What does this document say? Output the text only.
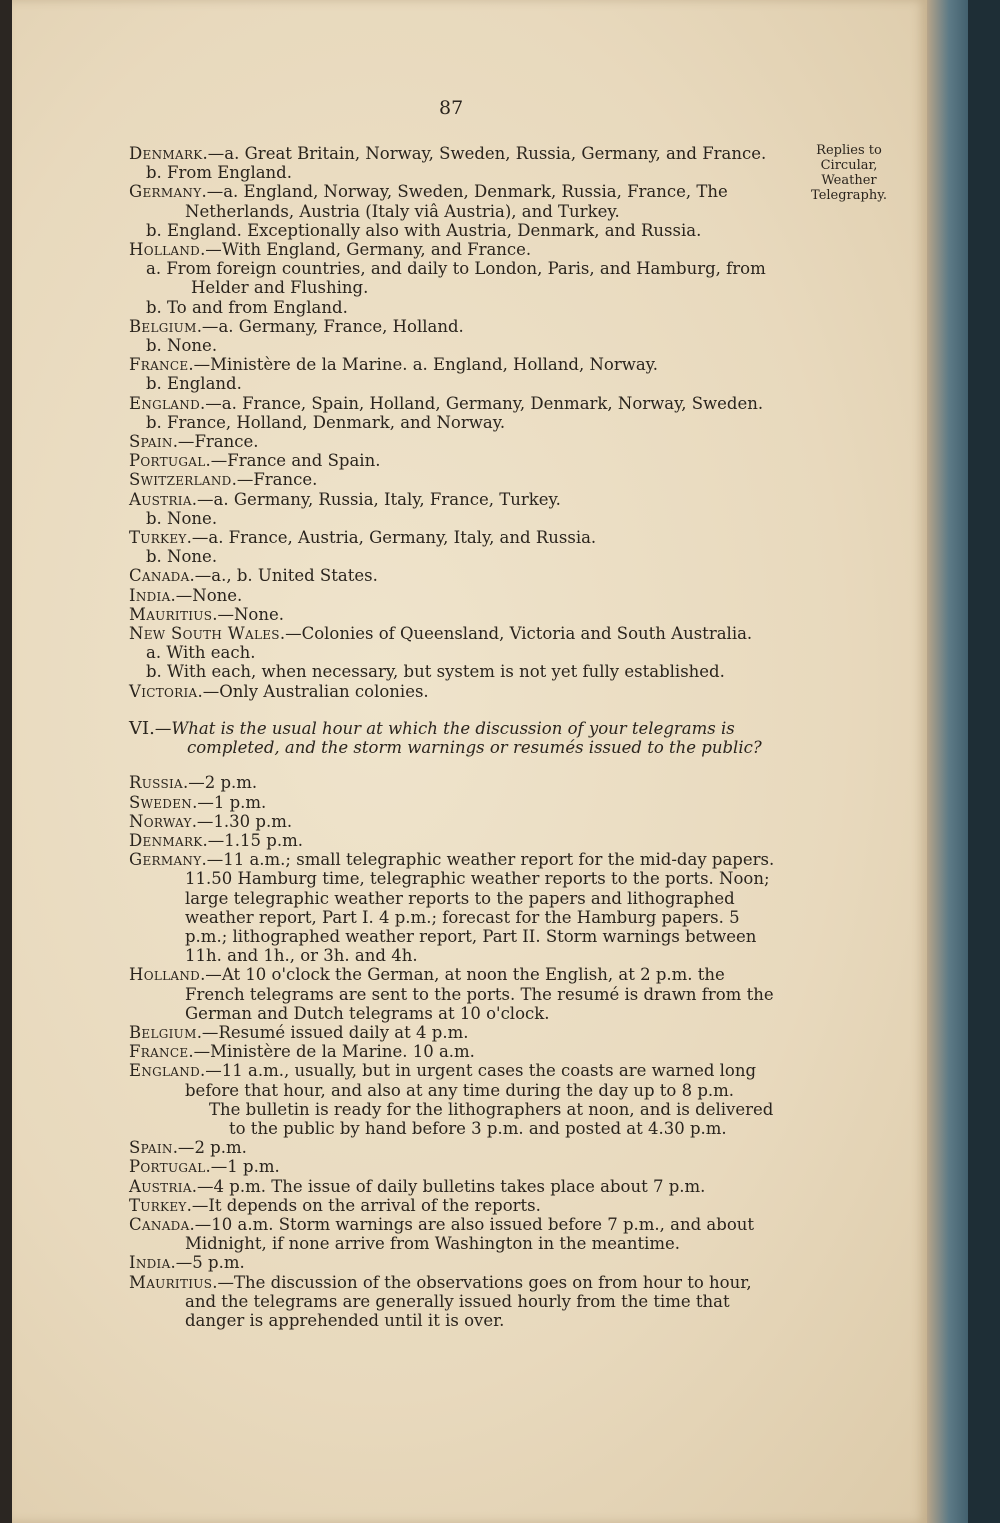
87
Replies to Circular, Weather Telegraphy.

Denmark.—a. Great Britain, Norway, Sweden, Russia, Germany, and France.

b. From England.

Germany.—a. England, Norway, Sweden, Denmark, Russia, France, The Netherlands, Austria (Italy viâ Austria), and Turkey.

b. England. Exceptionally also with Austria, Denmark, and Russia.

Holland.—With England, Germany, and France.

a. From foreign countries, and daily to London, Paris, and Hamburg, from Helder and Flushing.

b. To and from England.

Belgium.—a. Germany, France, Holland.

b. None.

France.—Ministère de la Marine. a. England, Holland, Norway.

b. England.

England.—a. France, Spain, Holland, Germany, Denmark, Norway, Sweden.

b. France, Holland, Denmark, and Norway.

Spain.—France.

Portugal.—France and Spain.

Switzerland.—France.

Austria.—a. Germany, Russia, Italy, France, Turkey.

b. None.

Turkey.—a. France, Austria, Germany, Italy, and Russia.

b. None.

Canada.—a., b. United States.

India.—None.

Mauritius.—None.

New South Wales.—Colonies of Queensland, Victoria and South Australia.

a. With each.

b. With each, when necessary, but system is not yet fully established.

Victoria.—Only Australian colonies.

VI.—What is the usual hour at which the discussion of your telegrams is completed, and the storm warnings or resumés issued to the public?

Russia.—2 p.m.

Sweden.—1 p.m.

Norway.—1.30 p.m.

Denmark.—1.15 p.m.

Germany.—11 a.m.; small telegraphic weather report for the mid-day papers. 11.50 Hamburg time, telegraphic weather reports to the ports. Noon; large telegraphic weather reports to the papers and lithographed weather report, Part I. 4 p.m.; forecast for the Hamburg papers. 5 p.m.; lithographed weather report, Part II. Storm warnings between 11h. and 1h., or 3h. and 4h.

Holland.—At 10 o'clock the German, at noon the English, at 2 p.m. the French telegrams are sent to the ports. The resumé is drawn from the German and Dutch telegrams at 10 o'clock.

Belgium.—Resumé issued daily at 4 p.m.

France.—Ministère de la Marine. 10 a.m.

England.—11 a.m., usually, but in urgent cases the coasts are warned long before that hour, and also at any time during the day up to 8 p.m.

The bulletin is ready for the lithographers at noon, and is delivered to the public by hand before 3 p.m. and posted at 4.30 p.m.

Spain.—2 p.m.

Portugal.—1 p.m.

Austria.—4 p.m. The issue of daily bulletins takes place about 7 p.m.

Turkey.—It depends on the arrival of the reports.

Canada.—10 a.m. Storm warnings are also issued before 7 p.m., and about Midnight, if none arrive from Washington in the meantime.

India.—5 p.m.

Mauritius.—The discussion of the observations goes on from hour to hour, and the telegrams are generally issued hourly from the time that danger is apprehended until it is over.
